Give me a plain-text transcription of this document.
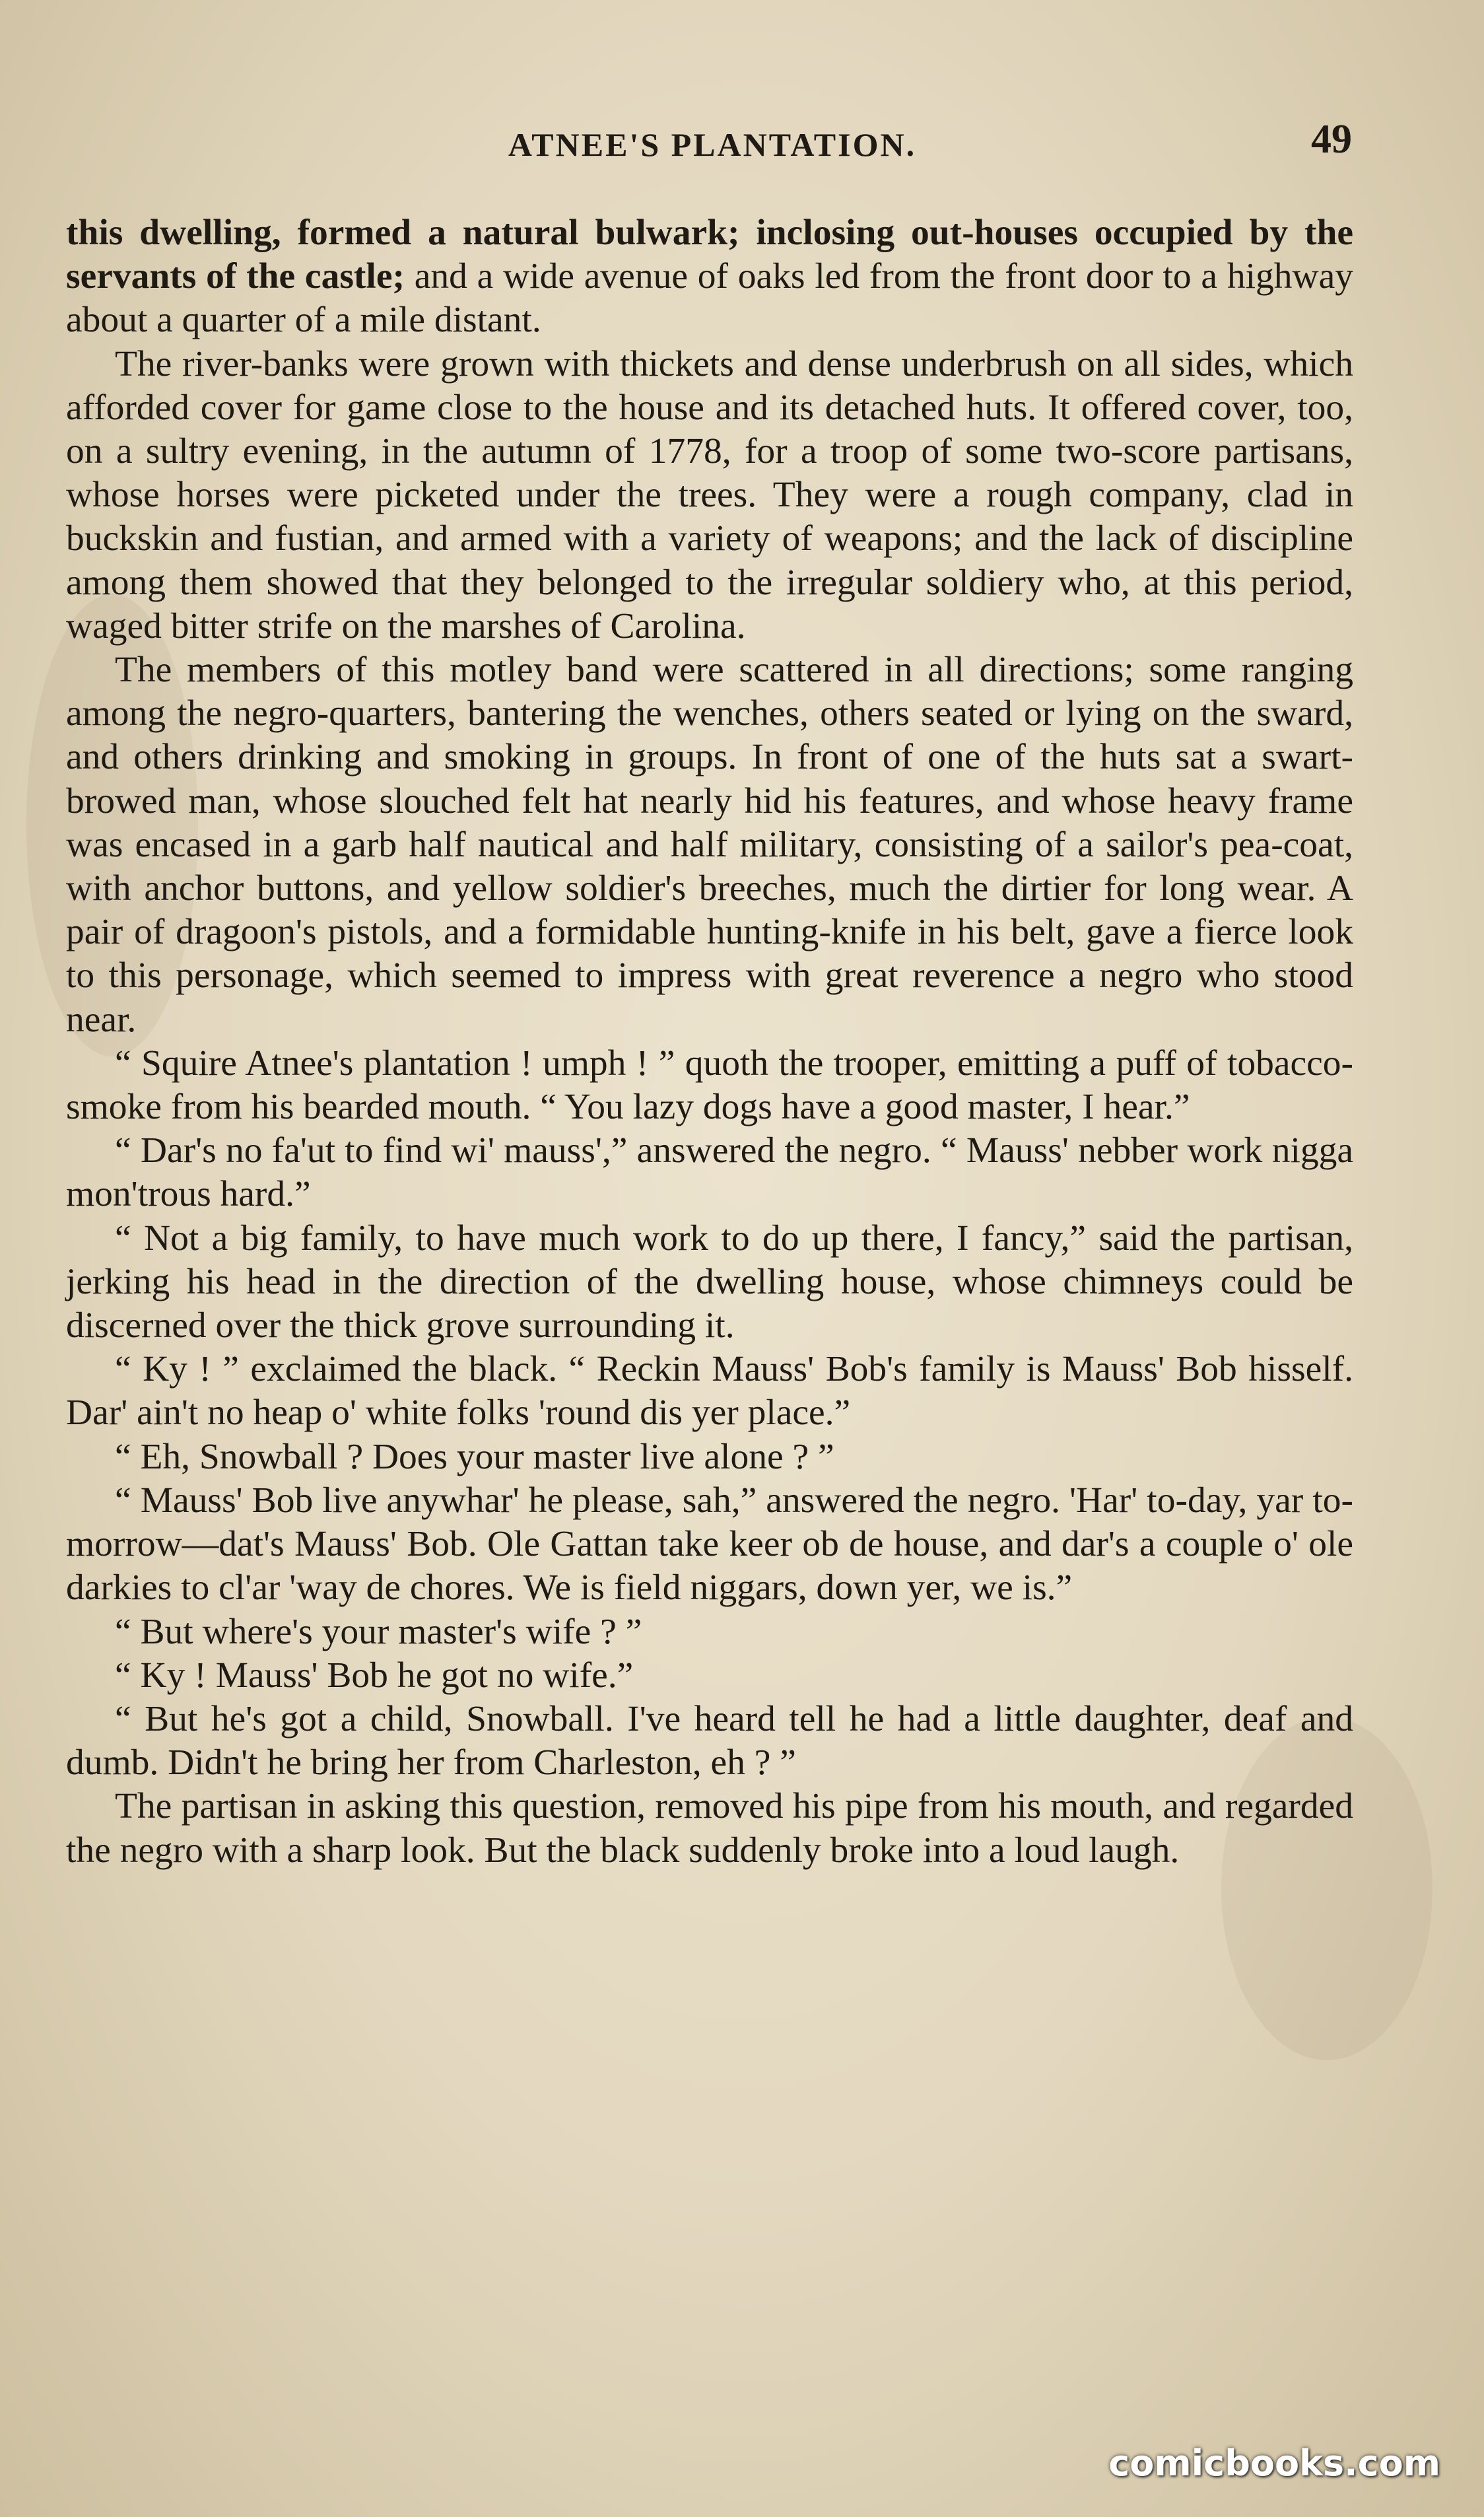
ATNEE'S PLANTATION.	49

this dwelling, formed a natural bulwark; inclosing out-houses occupied by the servants of the castle; and a wide avenue of oaks led from the front door to a highway about a quarter of a mile distant.

The river-banks were grown with thickets and dense underbrush on all sides, which afforded cover for game close to the house and its detached huts. It offered cover, too, on a sultry evening, in the autumn of 1778, for a troop of some two-score partisans, whose horses were picketed under the trees. They were a rough company, clad in buckskin and fustian, and armed with a variety of weapons; and the lack of discipline among them showed that they belonged to the irregular soldiery who, at this period, waged bitter strife on the marshes of Carolina.

The members of this motley band were scattered in all directions; some ranging among the negro-quarters, bantering the wenches, others seated or lying on the sward, and others drinking and smoking in groups. In front of one of the huts sat a swart-browed man, whose slouched felt hat nearly hid his features, and whose heavy frame was encased in a garb half nautical and half military, consisting of a sailor's pea-coat, with anchor buttons, and yellow soldier's breeches, much the dirtier for long wear. A pair of dragoon's pistols, and a formidable hunting-knife in his belt, gave a fierce look to this personage, which seemed to impress with great reverence a negro who stood near.

“ Squire Atnee's plantation ! umph ! ” quoth the trooper, emitting a puff of tobacco-smoke from his bearded mouth. “ You lazy dogs have a good master, I hear.”

“ Dar's no fa'ut to find wi' mauss',” answered the negro. “ Mauss' nebber work nigga mon'trous hard.”

“ Not a big family, to have much work to do up there, I fancy,” said the partisan, jerking his head in the direction of the dwelling house, whose chimneys could be discerned over the thick grove surrounding it.

“ Ky ! ” exclaimed the black. “ Reckin Mauss' Bob's family is Mauss' Bob hisself. Dar' ain't no heap o' white folks 'round dis yer place.”

“ Eh, Snowball ? Does your master live alone ? ”

“ Mauss' Bob live anywhar' he please, sah,” answered the negro. 'Har' to-day, yar to-morrow—dat's Mauss' Bob. Ole Gattan take keer ob de house, and dar's a couple o' ole darkies to cl'ar 'way de chores. We is field niggars, down yer, we is.”

“ But where's your master's wife ? ”

“ Ky ! Mauss' Bob he got no wife.”

“ But he's got a child, Snowball. I've heard tell he had a little daughter, deaf and dumb. Didn't he bring her from Charleston, eh ? ”

The partisan in asking this question, removed his pipe from his mouth, and regarded the negro with a sharp look. But the black suddenly broke into a loud laugh.

comicbooks.com
